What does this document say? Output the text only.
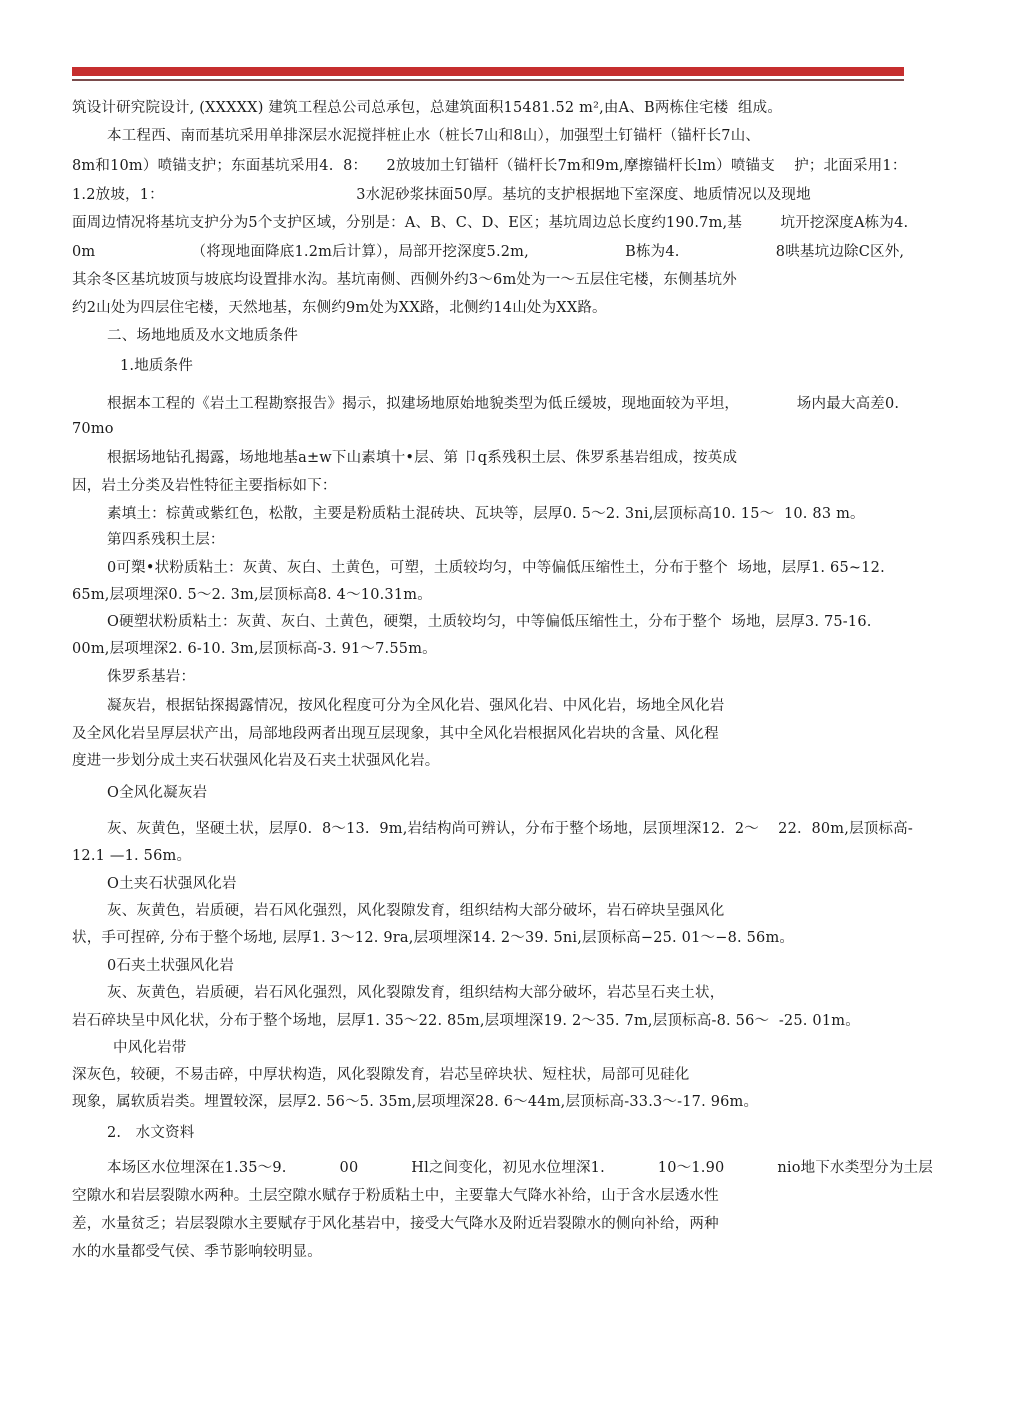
筑设计研究院设计, (XXXXX) 建筑工程总公司总承包，总建筑面积15481.52 m²,由A、B两栋住宅楼  组成。
本工程西、南而基坑采用单排深层水泥搅拌桩止水（桩长7山和8山），加强型土钉锚杆（锚杆长7山、
8m和10m）喷锚支护；东面基坑采用4.  8：    2放坡加土钉锚杆（锚杆长7m和9m,摩擦锚杆长lm）喷锚支    护；北面采用1：
1.2放坡，1：                                        3水泥砂浆抹面50厚。基坑的支护根据地下室深度、地质情况以及现地
面周边情况将基坑支护分为5个支护区域，分别是：A、B、C、D、E区；基坑周边总长度约190.7m,基        坑开挖深度A栋为4.
0m                    （将现地面降底1.2m后计算），局部开挖深度5.2m,                    B栋为4.                    8哄基坑边除C区外,
其余冬区基坑坡顶与坡底均设置排水沟。基坑南侧、西侧外约3～6m处为一～五层住宅楼，东侧基坑外
约2山处为四层住宅楼，天然地基，东侧约9m处为XX路，北侧约14山处为XX路。
二、场地地质及水文地质条件
1.地质条件
根据本工程的《岩土工程勘察报告》揭示，拟建场地原始地貌类型为低丘缓坡，现地面较为平坦，            场内最大高差0.
70mo
根据场地钻孔揭露，场地地基a±w下山素填十•层、第 卩q系残积土层、侏罗系基岩组成，按英成
因，岩土分类及岩性特征主要指标如下：
素填土：棕黄或紫红色，松散，主要是粉质粘土混砖块、瓦块等，层厚0. 5～2. 3ni,层顶标高10. 15～  10. 83 m。
第四系残积土层：
0可槊•状粉质粘土：灰黄、灰白、土黄色，可塑，土质较均匀，中等偏低压缩性土，分布于整个  场地，层厚1. 65~12.
65m,层项埋深0. 5～2. 3m,层顶标高8. 4～10.31m。
O硬塑状粉质粘土：灰黄、灰白、土黄色，硬槊，土质较均匀，中等偏低压缩性土，分布于整个  场地，层厚3. 75-16.
00m,层项埋深2. 6-10. 3m,层顶标高-3. 91～7.55m。
侏罗系基岩：
凝灰岩，根据钻探揭露情况，按风化程度可分为全风化岩、强风化岩、中风化岩，场地全风化岩
及全风化岩呈厚层状产出，局部地段两者出现互层现象，其中全风化岩根据风化岩块的含量、风化程
度进一步划分成土夹石状强风化岩及石夹土状强风化岩。
O全风化凝灰岩
灰、灰黄色，坚硬土状，层厚0.  8～13.  9m,岩结构尚可辨认，分布于整个场地，层顶埋深12.  2～    22.  80m,层顶标高-
12.1 —1. 56m。
O土夹石状强风化岩
灰、灰黄色，岩质硬，岩石风化强烈，风化裂隙发育，组织结构大部分破坏，岩石碎块呈强风化
状，手可捏碎, 分布于整个场地, 层厚1. 3～12. 9ra,层项埋深14. 2～39. 5ni,层顶标高−25. 01～−8. 56m。
0石夹土状强风化岩
灰、灰黄色，岩质硬，岩石风化强烈，风化裂隙发育，组织结构大部分破坏，岩芯呈石夹土状，
岩石碎块呈中风化状，分布于整个场地，层厚1. 35～22. 85m,层项埋深19. 2～35. 7m,层顶标高-8. 56～  -25. 01m。
中风化岩带
深灰色，较硬，不易击碎，中厚状构造，风化裂隙发育，岩芯呈碎块状、短柱状，局部可见硅化
现象，属软质岩类。埋置较深，层厚2. 56～5. 35m,层项埋深28. 6～44m,层顶标高-33.3～-17. 96m。
2.   水文资料
本场区水位埋深在1.35～9.           00           Hl之间变化，初见水位埋深1.           10～1.90           nio地下水类型分为土层
空隙水和岩层裂隙水两种。土层空隙水赋存于粉质粘土中，主要靠大气降水补给，山于含水层透水性
差，水量贫乏；岩层裂隙水主要赋存于风化基岩中，接受大气降水及附近岩裂隙水的侧向补给，两种
水的水量都受气侯、季节影响较明显。
